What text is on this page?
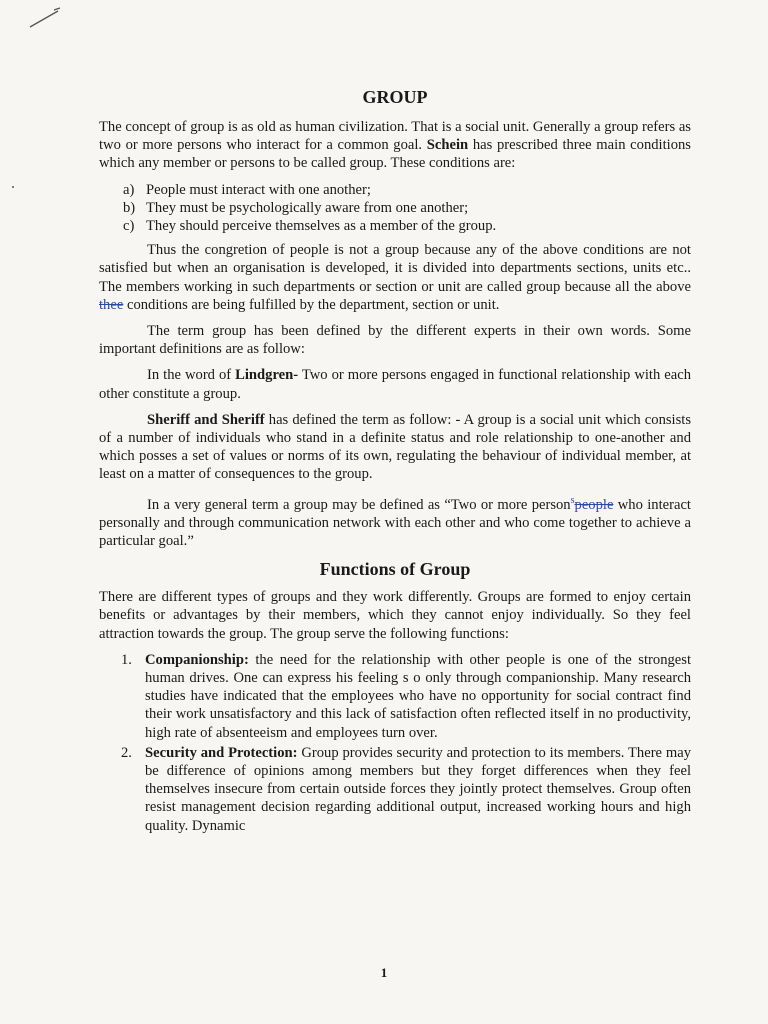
GROUP

The concept of group is as old as human civilization. That is a social unit. Generally a group refers as two or more persons who interact for a common goal. Schein has prescribed three main conditions which any member or persons to be called group. These conditions are:

a) People must interact with one another;
b) They must be psychologically aware from one another;
c) They should perceive themselves as a member of the group.

Thus the congretion of people is not a group because any of the above conditions are not satisfied but when an organisation is developed, it is divided into departments sections, units etc.. The members working in such departments or section or unit are called group because all the above thee conditions are being fulfilled by the department, section or unit.

The term group has been defined by the different experts in their own words. Some important definitions are as follow:

In the word of Lindgren- Two or more persons engaged in functional relationship with each other constitute a group.

Sheriff and Sheriff has defined the term as follow: - A group is a social unit which consists of a number of individuals who stand in a definite status and role relationship to one-another and which posses a set of values or norms of its own, regulating the behaviour of individual member, at least on a matter of consequences to the group.

In a very general term a group may be defined as “Two or more person$^s$people who interact personally and through communication network with each other and who come together to achieve a particular goal.”

Functions of Group

There are different types of groups and they work differently. Groups are formed to enjoy certain benefits or advantages by their members, which they cannot enjoy individually. So they feel attraction towards the group. The group serve the following functions:

1. Companionship: the need for the relationship with other people is one of the strongest human drives. One can express his feeling s o only through companionship. Many research studies have indicated that the employees who have no opportunity for social contract find their work unsatisfactory and this lack of satisfaction often reflected itself in no productivity, high rate of absenteeism and employees turn over.
2. Security and Protection: Group provides security and protection to its members. There may be difference of opinions among members but they forget differences when they feel themselves insecure from certain outside forces they jointly protect themselves. Group often resist management decision regarding additional output, increased working hours and high quality. Dynamic
1
